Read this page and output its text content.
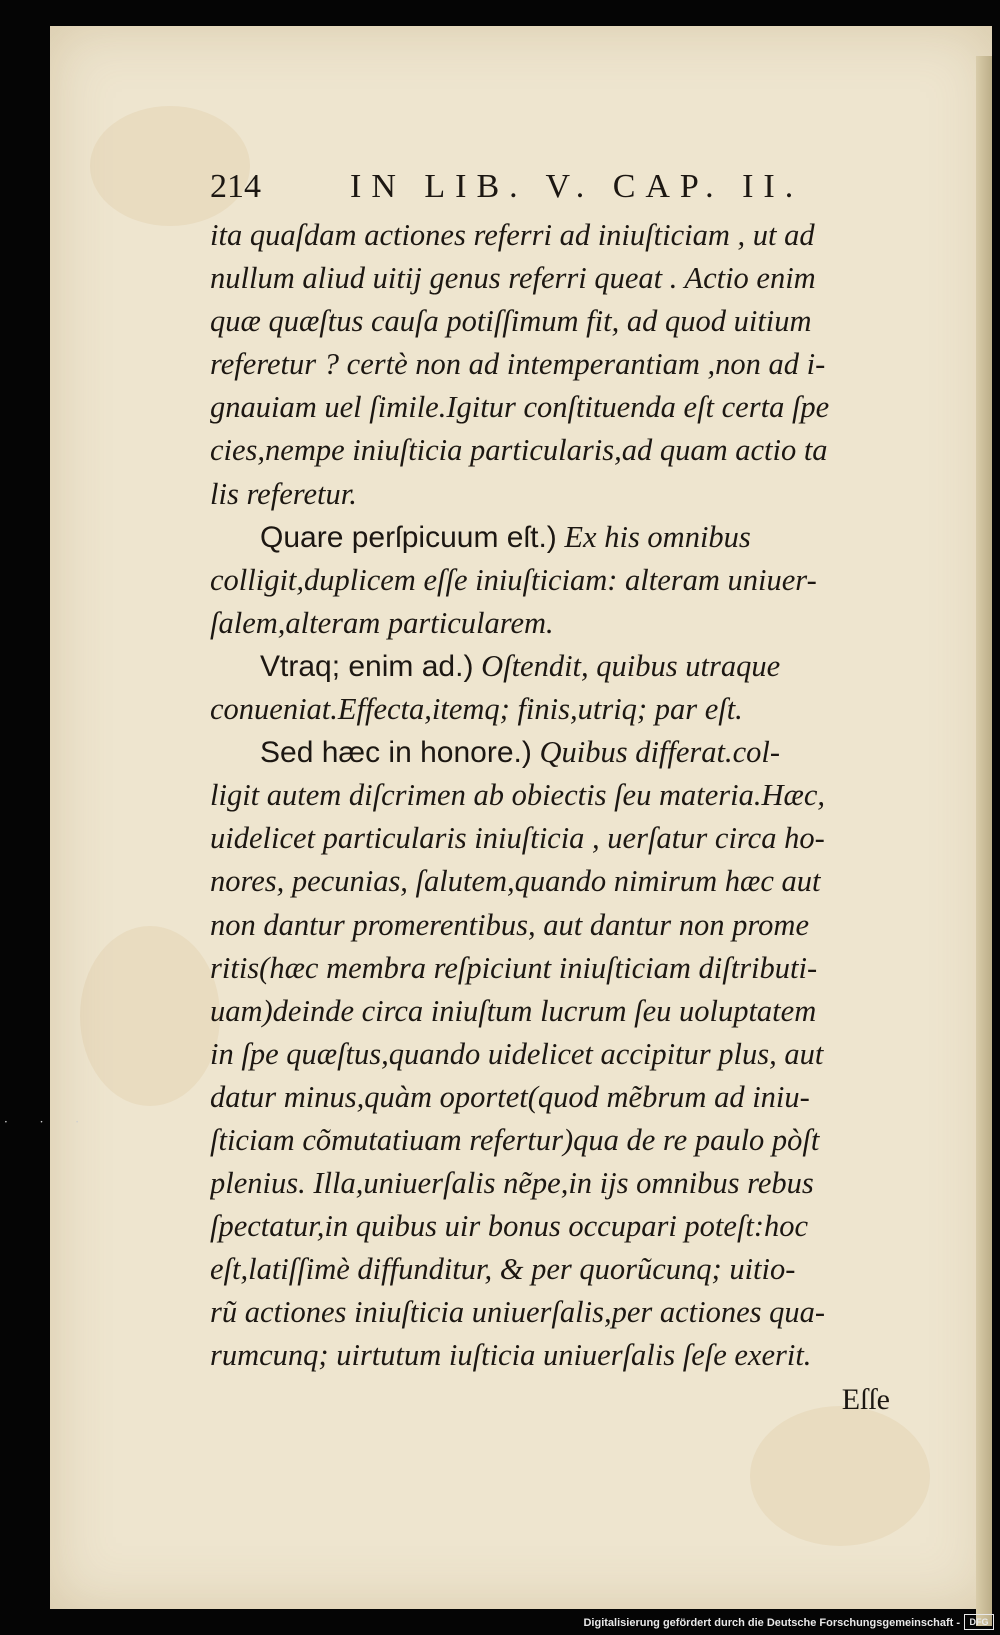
214	IN LIB. V. CAP. II.
ita quaſdam actiones referri ad iniuſticiam , ut ad
nullum aliud uitij genus referri queat . Actio enim
quæ quæſtus cauſa potiſſimum fit, ad quod uitium
referetur ? certè non ad intemperantiam ,non ad i-
gnauiam uel ſimile.Igitur conſtituenda eſt certa ſpe
cies,nempe iniuſticia particularis,ad quam actio ta
lis referetur.
Quare perſpicuum eſt.) Ex his omnibus
colligit,duplicem eſſe iniuſticiam: alteram uniuer-
ſalem,alteram particularem.
Vtraq; enim ad.) Oſtendit, quibus utraque
conueniat.Effecta,itemq; finis,utriq; par eſt.
Sed hæc in honore.) Quibus differat.col-
ligit autem diſcrimen ab obiectis ſeu materia.Hæc,
uidelicet particularis iniuſticia , uerſatur circa ho-
nores, pecunias, ſalutem,quando nimirum hæc aut
non dantur promerentibus, aut dantur non prome
ritis(hæc membra reſpiciunt iniuſticiam diſtributi-
uam)deinde circa iniuſtum lucrum ſeu uoluptatem
in ſpe quæſtus,quando uidelicet accipitur plus, aut
datur minus,quàm oportet(quod mẽbrum ad iniu-
ſticiam cõmutatiuam refertur)qua de re paulo pòſt
plenius. Illa,uniuerſalis nẽpe,in ijs omnibus rebus
ſpectatur,in quibus uir bonus occupari poteſt:hoc
eſt,latiſſimè diffunditur, & per quorũcunq; uitio-
rũ actiones iniuſticia uniuerſalis,per actiones qua-
rumcunq; uirtutum iuſticia uniuerſalis ſeſe exerit.
Eſſe
· · ·
Digitalisierung gefördert durch die Deutsche Forschungsgemeinschaft -	DFG
